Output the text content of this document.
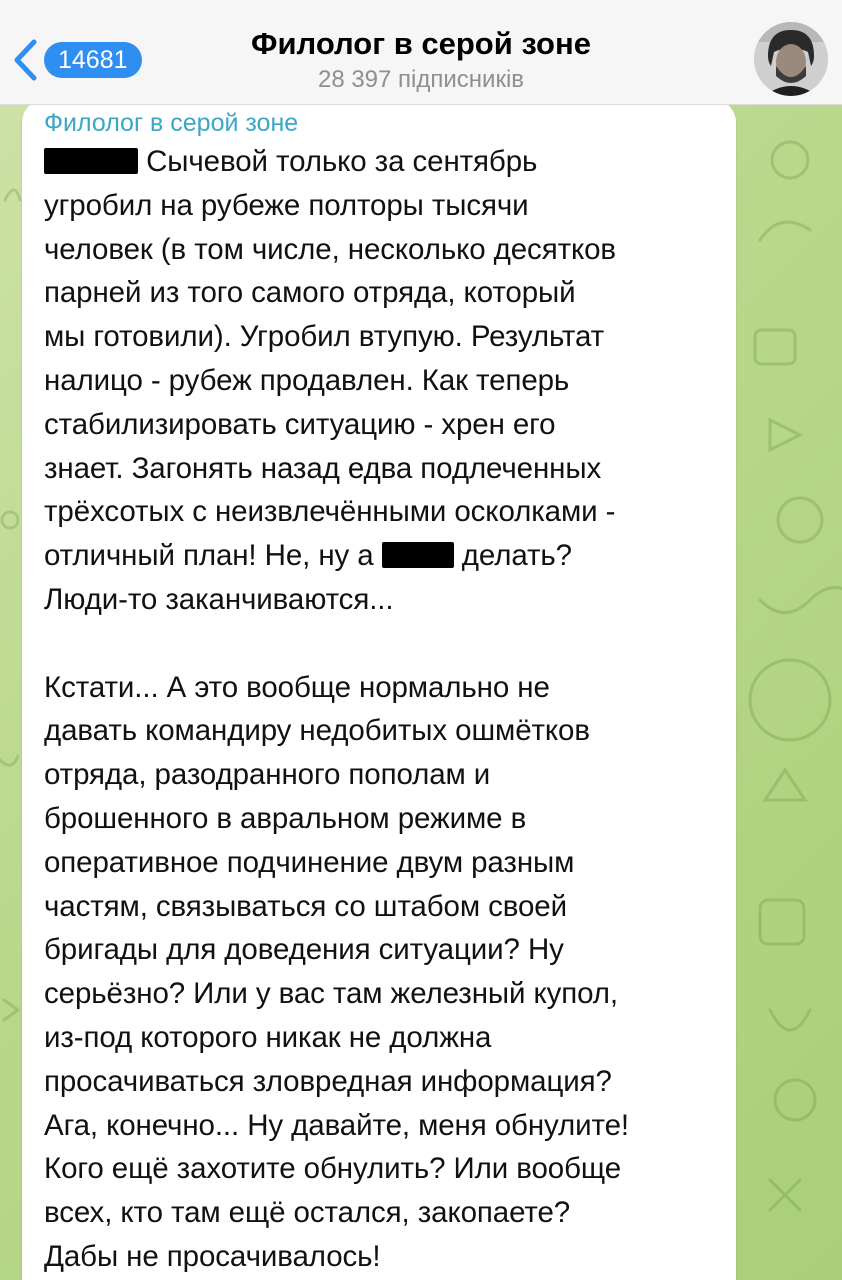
14681	Филолог в серой зоне
28 397 підписників
Филолог в серой зоне
Сычевой только за сентябрь
угробил на рубеже полторы тысячи
человек (в том числе, несколько десятков
парней из того самого отряда, который
мы готовили). Угробил втупую. Результат
налицо - рубеж продавлен. Как теперь
стабилизировать ситуацию - хрен его
знает. Загонять назад едва подлеченных
трёхсотых с неизвлечёнными осколками -
отличный план! Не, ну а	делать?
Люди-то заканчиваются...

Кстати... А это вообще нормально не
давать командиру недобитых ошмётков
отряда, разодранного пополам и
брошенного в авральном режиме в
оперативное подчинение двум разным
частям, связываться со штабом своей
бригады для доведения ситуации? Ну
серьёзно? Или у вас там железный купол,
из-под которого никак не должна
просачиваться зловредная информация?
Ага, конечно... Ну давайте, меня обнулите!
Кого ещё захотите обнулить? Или вообще
всех, кто там ещё остался, закопаете?
Дабы не просачивалось!
